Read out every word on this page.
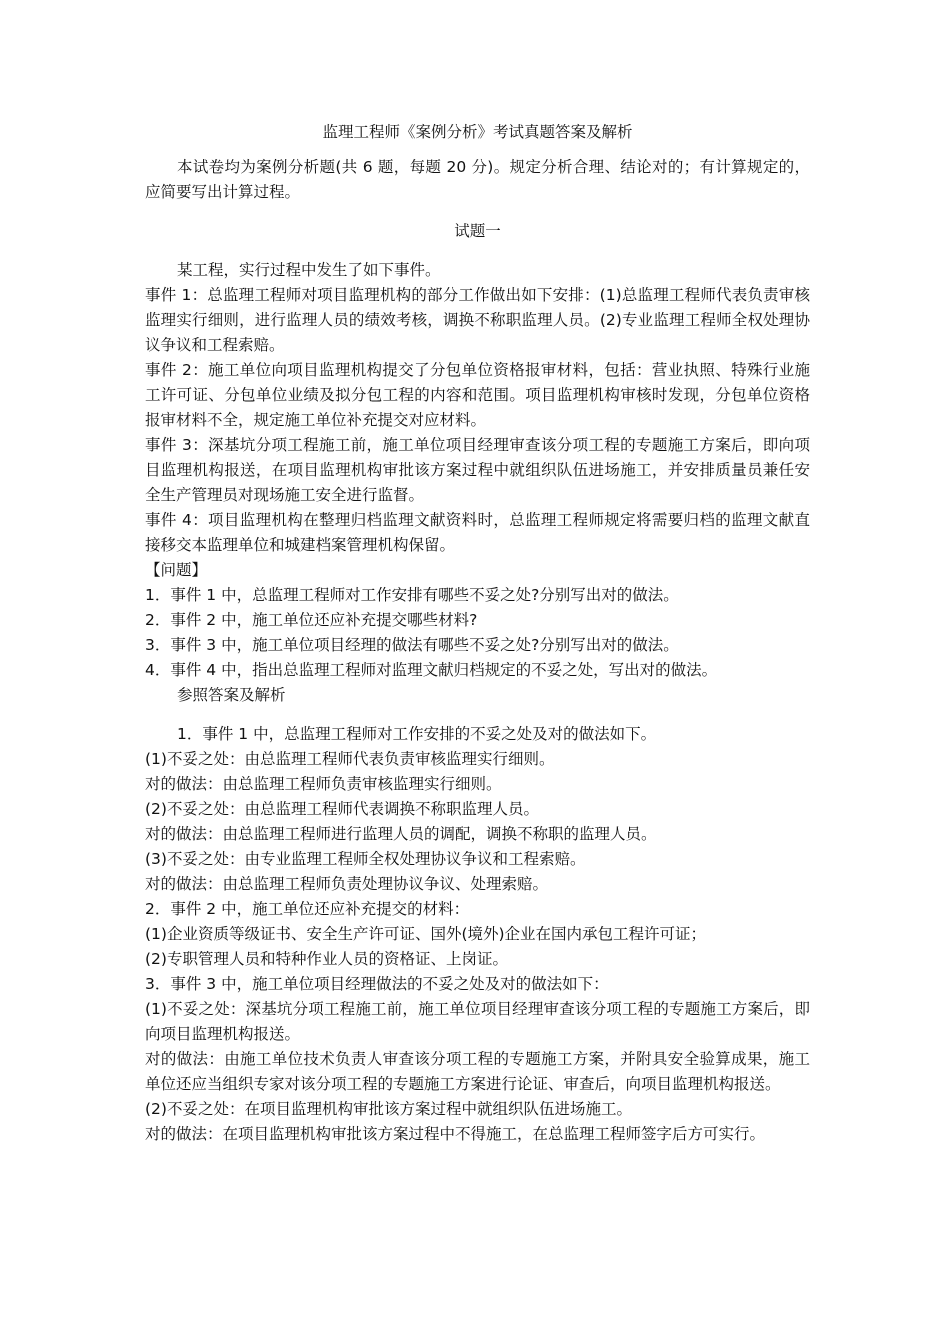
监理工程师《案例分析》考试真题答案及解析

本试卷均为案例分析题(共 6 题，每题 20 分)。规定分析合理、结论对的；有计算规定的，应简要写出计算过程。

试题一

某工程，实行过程中发生了如下事件。

事件 1：总监理工程师对项目监理机构的部分工作做出如下安排：(1)总监理工程师代表负责审核监理实行细则，进行监理人员的绩效考核，调换不称职监理人员。(2)专业监理工程师全权处理协议争议和工程索赔。

事件 2：施工单位向项目监理机构提交了分包单位资格报审材料，包括：营业执照、特殊行业施工许可证、分包单位业绩及拟分包工程的内容和范围。项目监理机构审核时发现，分包单位资格报审材料不全，规定施工单位补充提交对应材料。

事件 3：深基坑分项工程施工前，施工单位项目经理审查该分项工程的专题施工方案后，即向项目监理机构报送，在项目监理机构审批该方案过程中就组织队伍进场施工，并安排质量员兼任安全生产管理员对现场施工安全进行监督。

事件 4：项目监理机构在整理归档监理文献资料时，总监理工程师规定将需要归档的监理文献直接移交本监理单位和城建档案管理机构保留。

【问题】

1．事件 1 中，总监理工程师对工作安排有哪些不妥之处?分别写出对的做法。

2．事件 2 中，施工单位还应补充提交哪些材料?

3．事件 3 中，施工单位项目经理的做法有哪些不妥之处?分别写出对的做法。

4．事件 4 中，指出总监理工程师对监理文献归档规定的不妥之处，写出对的做法。

参照答案及解析

1．事件 1 中，总监理工程师对工作安排的不妥之处及对的做法如下。

(1)不妥之处：由总监理工程师代表负责审核监理实行细则。

对的做法：由总监理工程师负责审核监理实行细则。

(2)不妥之处：由总监理工程师代表调换不称职监理人员。

对的做法：由总监理工程师进行监理人员的调配，调换不称职的监理人员。

(3)不妥之处：由专业监理工程师全权处理协议争议和工程索赔。

对的做法：由总监理工程师负责处理协议争议、处理索赔。

2．事件 2 中，施工单位还应补充提交的材料：

(1)企业资质等级证书、安全生产许可证、国外(境外)企业在国内承包工程许可证；

(2)专职管理人员和特种作业人员的资格证、上岗证。

3．事件 3 中，施工单位项目经理做法的不妥之处及对的做法如下：

(1)不妥之处：深基坑分项工程施工前，施工单位项目经理审查该分项工程的专题施工方案后，即向项目监理机构报送。

对的做法：由施工单位技术负责人审查该分项工程的专题施工方案，并附具安全验算成果，施工单位还应当组织专家对该分项工程的专题施工方案进行论证、审查后，向项目监理机构报送。

(2)不妥之处：在项目监理机构审批该方案过程中就组织队伍进场施工。

对的做法：在项目监理机构审批该方案过程中不得施工，在总监理工程师签字后方可实行。
